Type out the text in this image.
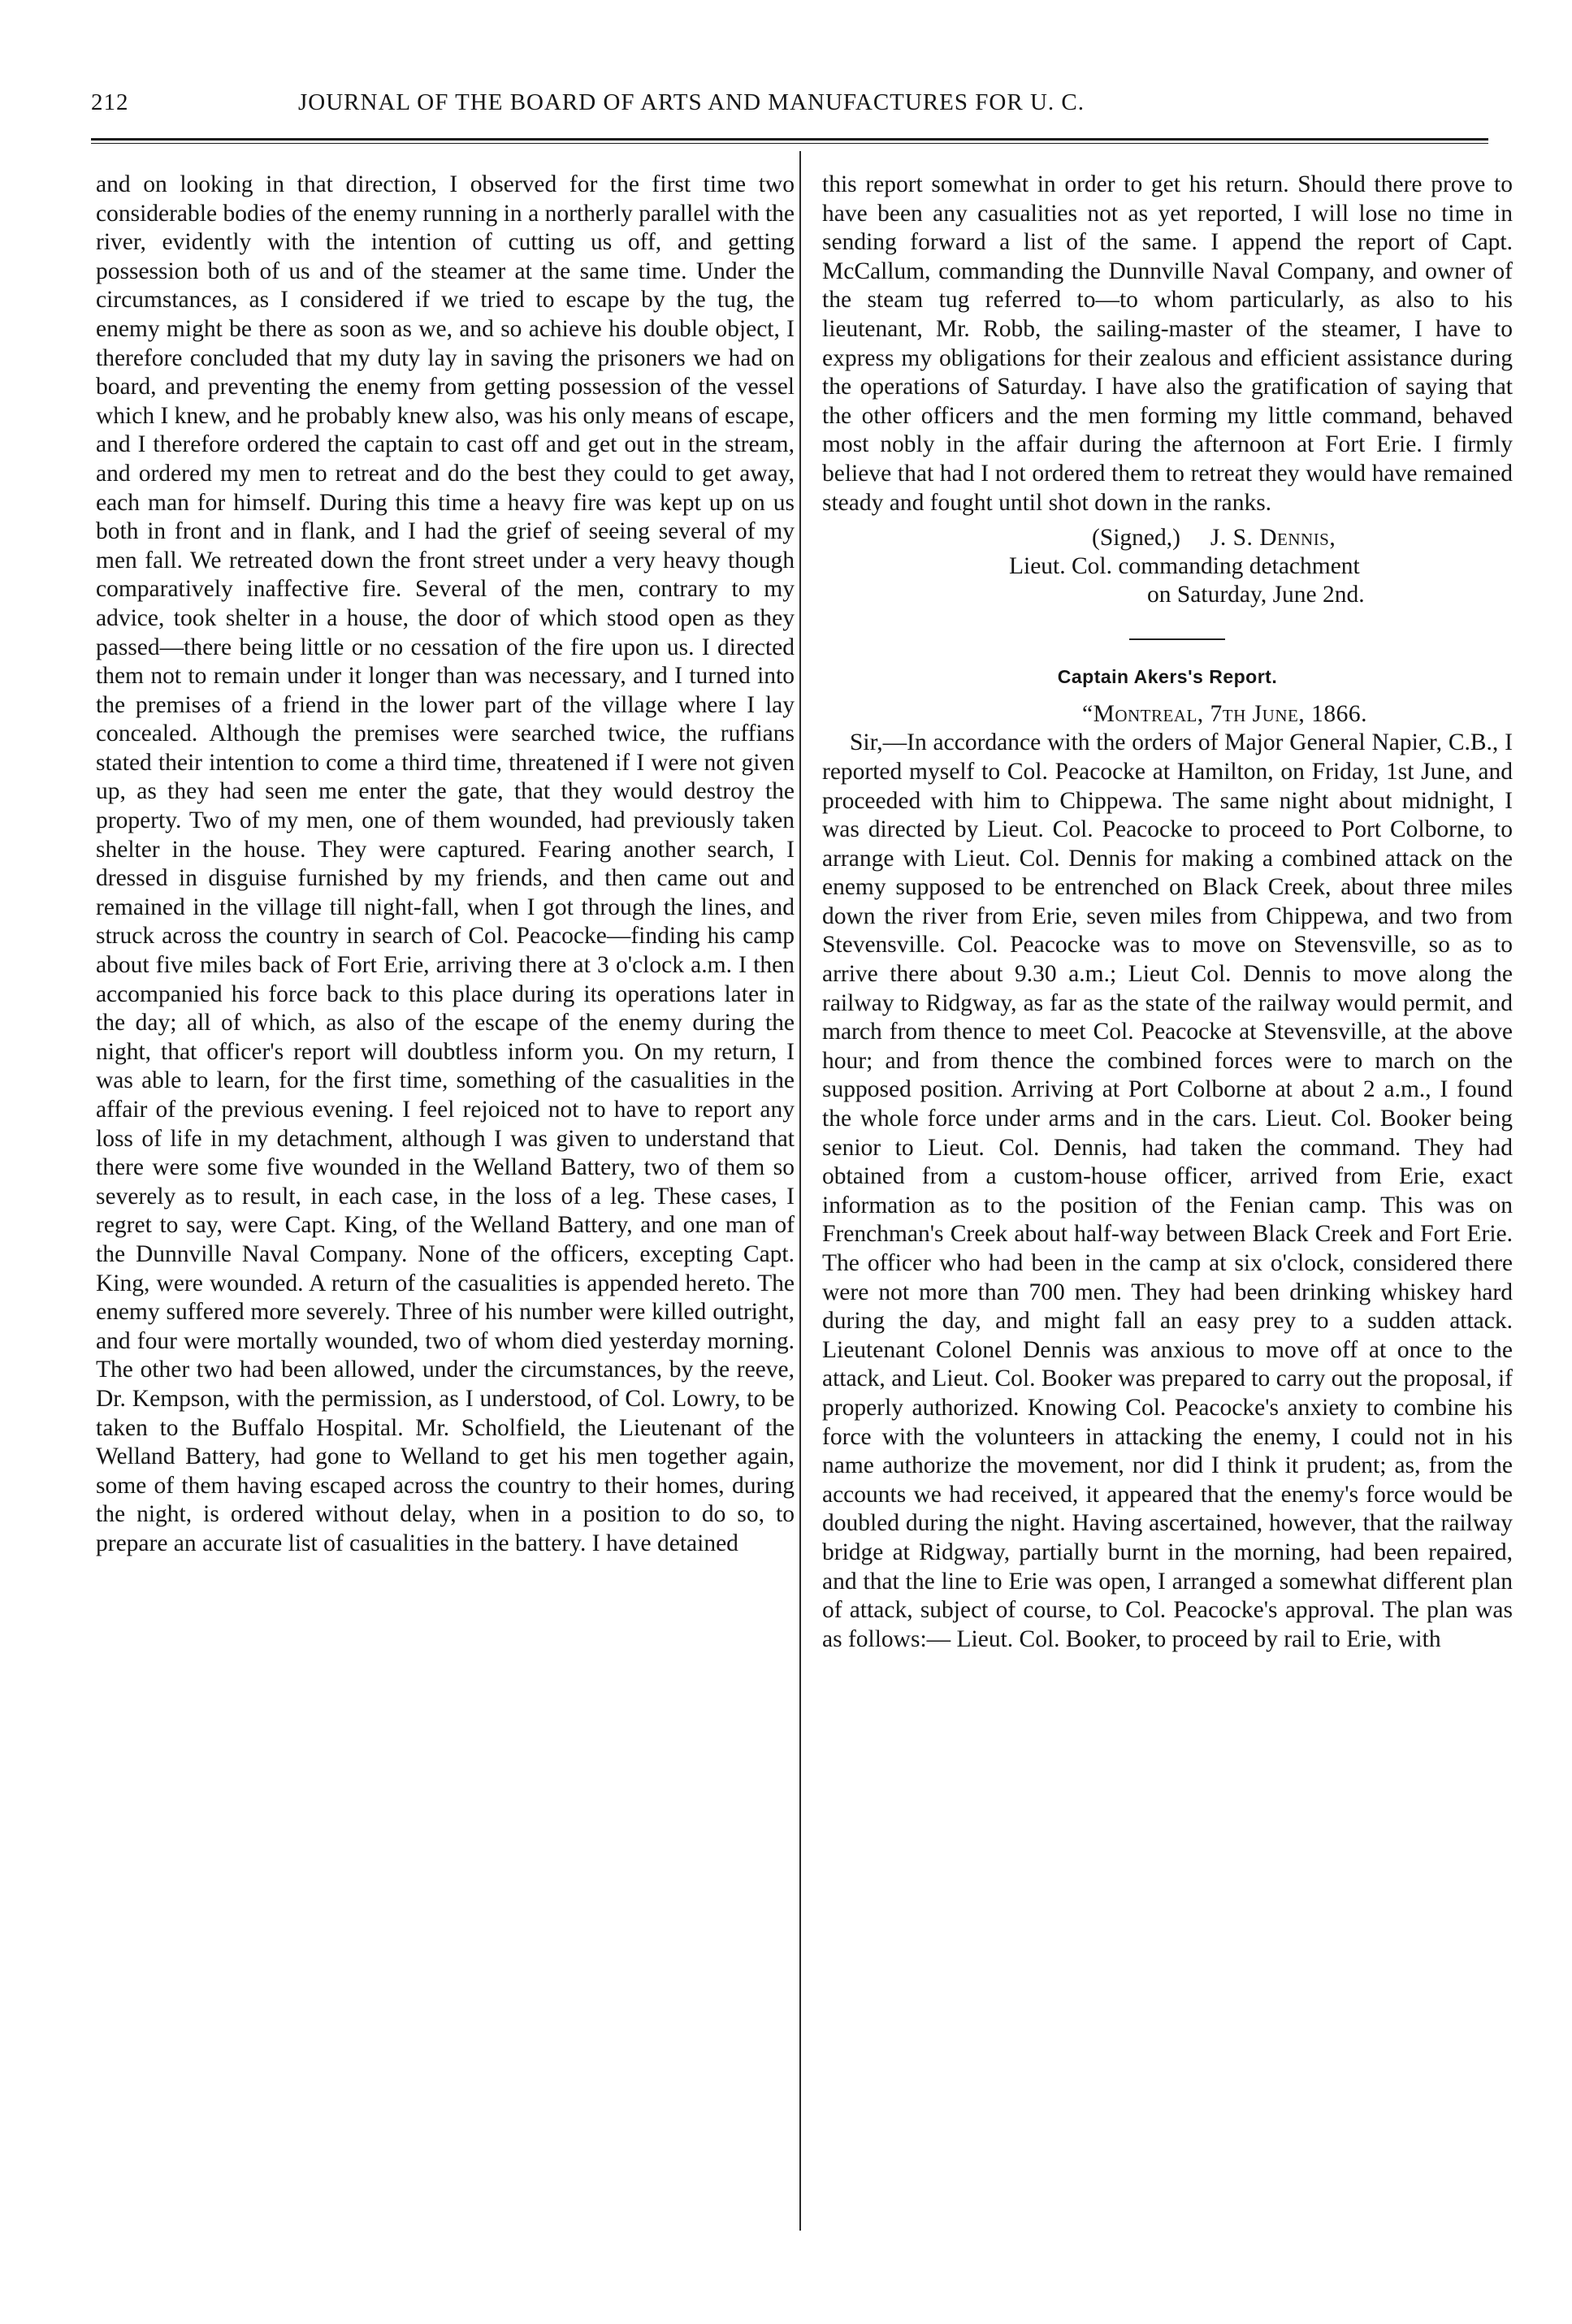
212	JOURNAL OF THE BOARD OF ARTS AND MANUFACTURES FOR U. C.

and on looking in that direction, I observed for the first time two considerable bodies of the enemy running in a northerly parallel with the river, evidently with the intention of cutting us off, and getting possession both of us and of the steamer at the same time. Under the circumstances, as I considered if we tried to escape by the tug, the enemy might be there as soon as we, and so achieve his double object, I therefore concluded that my duty lay in saving the prisoners we had on board, and preventing the enemy from getting possession of the vessel which I knew, and he probably knew also, was his only means of escape, and I therefore ordered the captain to cast off and get out in the stream, and ordered my men to retreat and do the best they could to get away, each man for himself. During this time a heavy fire was kept up on us both in front and in flank, and I had the grief of seeing several of my men fall. We retreated down the front street under a very heavy though comparatively inaffective fire. Several of the men, contrary to my advice, took shelter in a house, the door of which stood open as they passed—there being little or no cessation of the fire upon us. I directed them not to remain under it longer than was necessary, and I turned into the premises of a friend in the lower part of the village where I lay concealed. Although the premises were searched twice, the ruffians stated their intention to come a third time, threatened if I were not given up, as they had seen me enter the gate, that they would destroy the property. Two of my men, one of them wounded, had previously taken shelter in the house. They were captured. Fearing another search, I dressed in disguise furnished by my friends, and then came out and remained in the village till night-fall, when I got through the lines, and struck across the country in search of Col. Peacocke—finding his camp about five miles back of Fort Erie, arriving there at 3 o'clock a.m. I then accompanied his force back to this place during its operations later in the day; all of which, as also of the escape of the enemy during the night, that officer's report will doubtless inform you. On my return, I was able to learn, for the first time, something of the casualities in the affair of the previous evening. I feel rejoiced not to have to report any loss of life in my detachment, although I was given to understand that there were some five wounded in the Welland Battery, two of them so severely as to result, in each case, in the loss of a leg. These cases, I regret to say, were Capt. King, of the Welland Battery, and one man of the Dunnville Naval Company. None of the officers, excepting Capt. King, were wounded. A return of the casualities is appended hereto. The enemy suffered more severely. Three of his number were killed outright, and four were mortally wounded, two of whom died yesterday morning. The other two had been allowed, under the circumstances, by the reeve, Dr. Kempson, with the permission, as I understood, of Col. Lowry, to be taken to the Buffalo Hospital. Mr. Scholfield, the Lieutenant of the Welland Battery, had gone to Welland to get his men together again, some of them having escaped across the country to their homes, during the night, is ordered without delay, when in a position to do so, to prepare an accurate list of casualities in the battery. I have detained

this report somewhat in order to get his return. Should there prove to have been any casualities not as yet reported, I will lose no time in sending forward a list of the same. I append the report of Capt. McCallum, commanding the Dunnville Naval Company, and owner of the steam tug referred to—to whom particularly, as also to his lieutenant, Mr. Robb, the sailing-master of the steamer, I have to express my obligations for their zealous and efficient assistance during the operations of Saturday. I have also the gratification of saying that the other officers and the men forming my little command, behaved most nobly in the affair during the afternoon at Fort Erie. I firmly believe that had I not ordered them to retreat they would have remained steady and fought until shot down in the ranks.

(Signed,) J. S. Dennis,
Lieut. Col. commanding detachment
on Saturday, June 2nd.
Captain Akers's Report.
“Montreal, 7th June, 1866.

Sir,—In accordance with the orders of Major General Napier, C.B., I reported myself to Col. Peacocke at Hamilton, on Friday, 1st June, and proceeded with him to Chippewa. The same night about midnight, I was directed by Lieut. Col. Peacocke to proceed to Port Colborne, to arrange with Lieut. Col. Dennis for making a combined attack on the enemy supposed to be entrenched on Black Creek, about three miles down the river from Erie, seven miles from Chippewa, and two from Stevensville. Col. Peacocke was to move on Stevensville, so as to arrive there about 9.30 a.m.; Lieut Col. Dennis to move along the railway to Ridgway, as far as the state of the railway would permit, and march from thence to meet Col. Peacocke at Stevensville, at the above hour; and from thence the combined forces were to march on the supposed position. Arriving at Port Colborne at about 2 a.m., I found the whole force under arms and in the cars. Lieut. Col. Booker being senior to Lieut. Col. Dennis, had taken the command. They had obtained from a custom-house officer, arrived from Erie, exact information as to the position of the Fenian camp. This was on Frenchman's Creek about half-way between Black Creek and Fort Erie. The officer who had been in the camp at six o'clock, considered there were not more than 700 men. They had been drinking whiskey hard during the day, and might fall an easy prey to a sudden attack. Lieutenant Colonel Dennis was anxious to move off at once to the attack, and Lieut. Col. Booker was prepared to carry out the proposal, if properly authorized. Knowing Col. Peacocke's anxiety to combine his force with the volunteers in attacking the enemy, I could not in his name authorize the movement, nor did I think it prudent; as, from the accounts we had received, it appeared that the enemy's force would be doubled during the night. Having ascertained, however, that the railway bridge at Ridgway, partially burnt in the morning, had been repaired, and that the line to Erie was open, I arranged a somewhat different plan of attack, subject of course, to Col. Peacocke's approval. The plan was as follows:— Lieut. Col. Booker, to proceed by rail to Erie, with
